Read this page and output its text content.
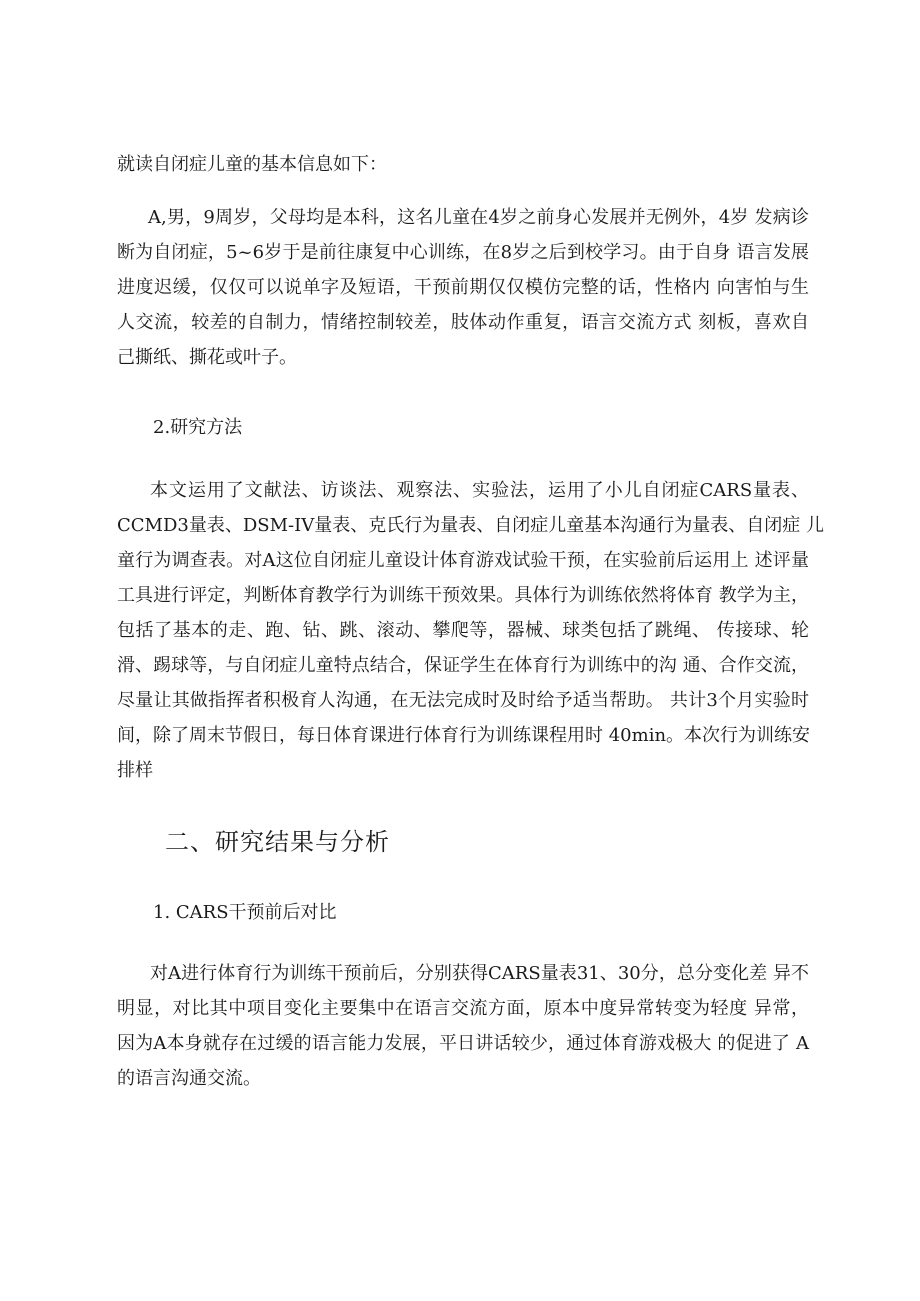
就读自闭症儿童的基本信息如下：
A,男，9周岁，父母均是本科，这名儿童在4岁之前身心发展并无例外，4岁 发病诊
断为自闭症，5~6岁于是前往康复中心训练，在8岁之后到校学习。由于自身 语言发展
进度迟缓，仅仅可以说单字及短语，干预前期仅仅模仿完整的话，性格内 向害怕与生
人交流，较差的自制力，情绪控制较差，肢体动作重复，语言交流方式 刻板，喜欢自
己撕纸、撕花或叶子。
2.研究方法
本文运用了文献法、访谈法、观察法、实验法，运用了小儿自闭症CARS量表、
CCMD3量表、DSM-IV量表、克氏行为量表、自闭症儿童基本沟通行为量表、自闭症 儿
童行为调查表。对A这位自闭症儿童设计体育游戏试验干预，在实验前后运用上 述评量
工具进行评定，判断体育教学行为训练干预效果。具体行为训练依然将体育 教学为主，
包括了基本的走、跑、钻、跳、滚动、攀爬等，器械、球类包括了跳绳、 传接球、轮
滑、踢球等，与自闭症儿童特点结合，保证学生在体育行为训练中的沟 通、合作交流，
尽量让其做指挥者积极育人沟通，在无法完成时及时给予适当帮助。 共计3个月实验时
间，除了周末节假日，每日体育课进行体育行为训练课程用时 40min。本次行为训练安
排样
二、研究结果与分析
1. CARS干预前后对比
对A进行体育行为训练干预前后，分别获得CARS量表31、30分，总分变化差 异不
明显，对比其中项目变化主要集中在语言交流方面，原本中度异常转变为轻度 异常，
因为A本身就存在过缓的语言能力发展，平日讲话较少，通过体育游戏极大 的促进了 A
的语言沟通交流。
